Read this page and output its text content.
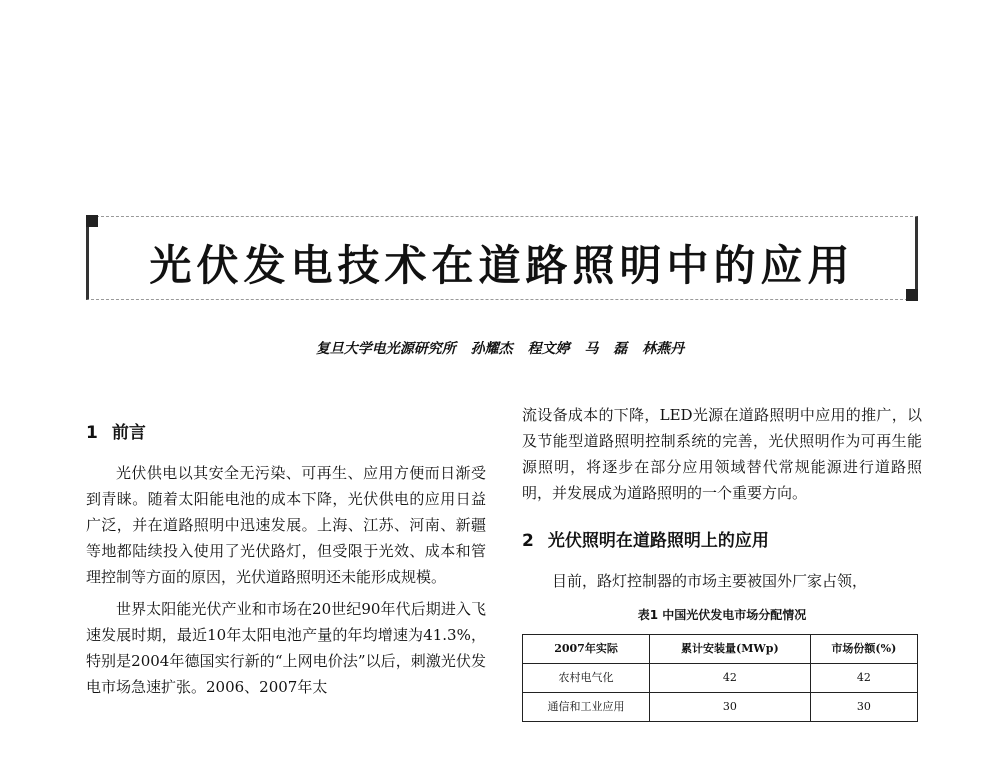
光伏发电技术在道路照明中的应用
复旦大学电光源研究所 孙耀杰 程文婷 马 磊 林燕丹
1 前言

光伏供电以其安全无污染、可再生、应用方便而日渐受到青睐。随着太阳能电池的成本下降，光伏供电的应用日益广泛，并在道路照明中迅速发展。上海、江苏、河南、新疆等地都陆续投入使用了光伏路灯，但受限于光效、成本和管理控制等方面的原因，光伏道路照明还未能形成规模。

世界太阳能光伏产业和市场在20世纪90年代后期进入飞速发展时期，最近10年太阳电池产量的年均增速为41.3%，特别是2004年德国实行新的“上网电价法”以后，刺激光伏发电市场急速扩张。2006、2007年太

流设备成本的下降，LED光源在道路照明中应用的推广，以及节能型道路照明控制系统的完善，光伏照明作为可再生能源照明，将逐步在部分应用领域替代常规能源进行道路照明，并发展成为道路照明的一个重要方向。

2 光伏照明在道路照明上的应用

目前，路灯控制器的市场主要被国外厂家占领，

表1 中国光伏发电市场分配情况
2007年实际	累计安装量(MWp)	市场份额(%)
农村电气化	42	42
通信和工业应用	30	30
